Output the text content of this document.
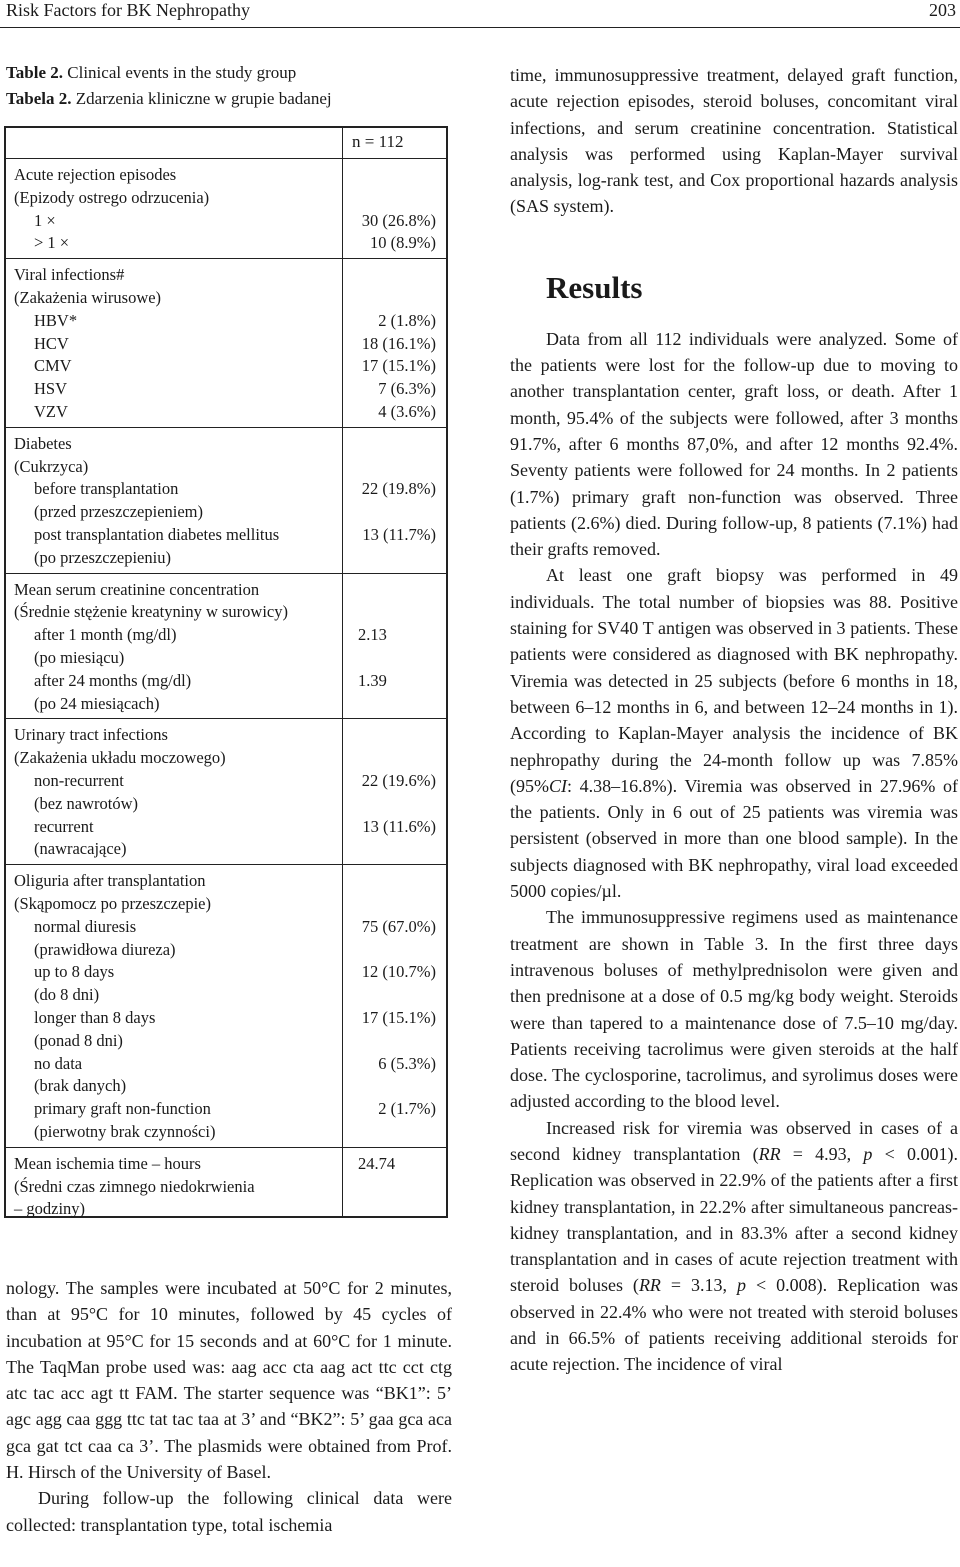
Risk Factors for BK Nephropathy	203
Table 2. Clinical events in the study group
Tabela 2. Zdarzenia kliniczne w grupie badanej
n = 112
Acute rejection episodes
(Epizody ostrego odrzucenia)
1 ×	30 (26.8%)
> 1 ×	10 (8.9%)
Viral infections#
(Zakażenia wirusowe)
HBV*	2 (1.8%)
HCV	18 (16.1%)
CMV	17 (15.1%)
HSV	7 (6.3%)
VZV	4 (3.6%)
Diabetes
(Cukrzyca)
before transplantation	22 (19.8%)
(przed przeszczepieniem)
post transplantation diabetes mellitus	13 (11.7%)
(po przeszczepieniu)
Mean serum creatinine concentration
(Średnie stężenie kreatyniny w surowicy)
after 1 month (mg/dl)	2.13
(po miesiącu)
after 24 months (mg/dl)	1.39
(po 24 miesiącach)
Urinary tract infections
(Zakażenia układu moczowego)
non-recurrent	22 (19.6%)
(bez nawrotów)
recurrent	13 (11.6%)
(nawracające)
Oliguria after transplantation
(Skąpomocz po przeszczepie)
normal diuresis	75 (67.0%)
(prawidłowa diureza)
up to 8 days	12 (10.7%)
(do 8 dni)
longer than 8 days	17 (15.1%)
(ponad 8 dni)
no data	6 (5.3%)
(brak danych)
primary graft non-function	2 (1.7%)
(pierwotny brak czynności)
Mean ischemia time – hours	24.74
(Średni czas zimnego niedokrwienia
– godziny)

nology. The samples were incubated at 50°C for 2 minutes, than at 95°C for 10 minutes, followed by 45 cycles of incubation at 95°C for 15 seconds and at 60°C for 1 minute. The TaqMan probe used was: aag acc cta aag act ttc cct ctg atc tac acc agt tt FAM. The starter sequence was “BK1”: 5’ agc agg caa ggg ttc tat tac taa at 3’ and “BK2”: 5’ gaa gca aca gca gat tct caa ca 3’. The plasmids were obtained from Prof. H. Hirsch of the University of Basel.

During follow-up the following clinical data were collected: transplantation type, total ischemia

time, immunosuppressive treatment, delayed graft function, acute rejection episodes, steroid boluses, concomitant viral infections, and serum creatinine concentration. Statistical analysis was performed using Kaplan-Mayer survival analysis, log-rank test, and Cox proportional hazards analysis (SAS system).

Results

Data from all 112 individuals were analyzed. Some of the patients were lost for the follow-up due to moving to another transplantation center, graft loss, or death. After 1 month, 95.4% of the subjects were followed, after 3 months 91.7%, after 6 months 87,0%, and after 12 months 92.4%. Seventy patients were followed for 24 months. In 2 patients (1.7%) primary graft non-function was observed. Three patients (2.6%) died. During follow-up, 8 patients (7.1%) had their grafts removed.

At least one graft biopsy was performed in 49 individuals. The total number of biopsies was 88. Positive staining for SV40 T antigen was observed in 3 patients. These patients were considered as diagnosed with BK nephropathy. Viremia was detected in 25 subjects (before 6 months in 18, between 6–12 months in 6, and between 12–24 months in 1). According to Kaplan-Mayer analysis the incidence of BK nephropathy during the 24-month follow up was 7.85% (95%CI: 4.38–16.8%). Viremia was observed in 27.96% of the patients. Only in 6 out of 25 patients was viremia was persistent (observed in more than one blood sample). In the subjects diagnosed with BK nephropathy, viral load exceeded 5000 copies/µl.

The immunosuppressive regimens used as maintenance treatment are shown in Table 3. In the first three days intravenous boluses of methylprednisolon were given and then prednisone at a dose of 0.5 mg/kg body weight. Steroids were than tapered to a maintenance dose of 7.5–10 mg/day. Patients receiving tacrolimus were given steroids at the half dose. The cyclosporine, tacrolimus, and syrolimus doses were adjusted according to the blood level.

Increased risk for viremia was observed in cases of a second kidney transplantation (RR = 4.93, p < 0.001). Replication was observed in 22.9% of the patients after a first kidney transplantation, in 22.2% after simultaneous pancreas-kidney transplantation, and in 83.3% after a second kidney transplantation and in cases of acute rejection treatment with steroid boluses (RR = 3.13, p < 0.008). Replication was observed in 22.4% who were not treated with steroid boluses and in 66.5% of patients receiving additional steroids for acute rejection. The incidence of viral
